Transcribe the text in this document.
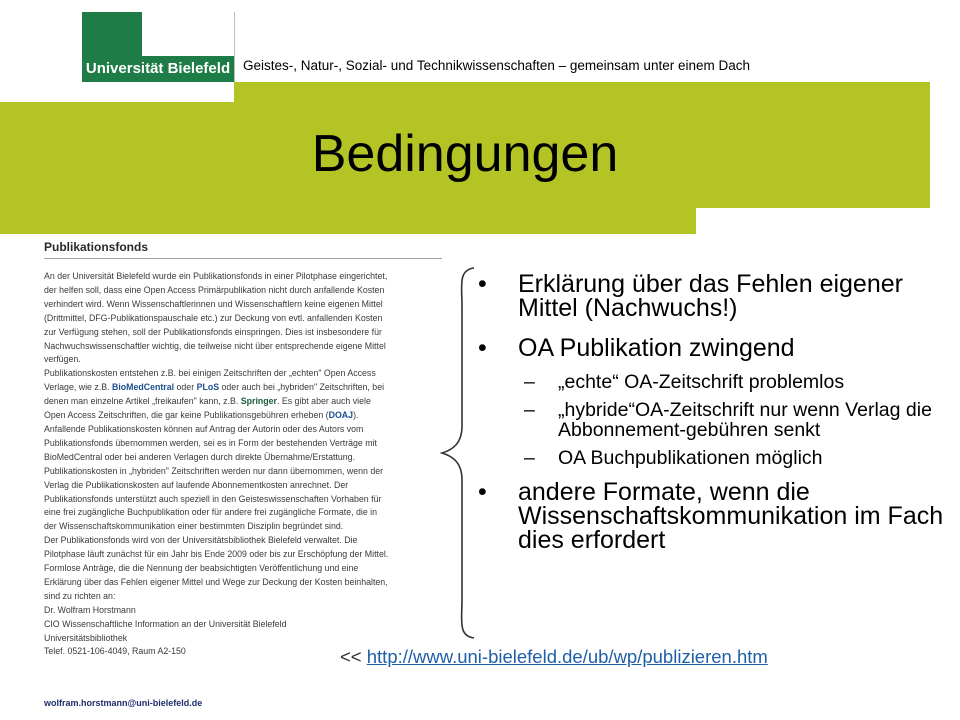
Universität Bielefeld Geistes-, Natur-, Sozial- und Technikwissenschaften – gemeinsam unter einem Dach
Bedingungen
Publikationsfonds
An der Universität Bielefeld wurde ein Publikationsfonds in einer Pilotphase eingerichtet,
der helfen soll, dass eine Open Access Primärpublikation nicht durch anfallende Kosten
verhindert wird. Wenn Wissenschaftlerinnen und Wissenschaftlern keine eigenen Mittel
(Drittmittel, DFG-Publikationspauschale etc.) zur Deckung von evtl. anfallenden Kosten
zur Verfügung stehen, soll der Publikationsfonds einspringen. Dies ist insbesondere für
Nachwuchswissenschaftler wichtig, die teilweise nicht über entsprechende eigene Mittel
verfügen.
Publikationskosten entstehen z.B. bei einigen Zeitschriften der „echten" Open Access
Verlage, wie z.B. BioMedCentral oder PLoS oder auch bei „hybriden" Zeitschriften, bei
denen man einzelne Artikel „freikaufen" kann, z.B. Springer. Es gibt aber auch viele
Open Access Zeitschriften, die gar keine Publikationsgebühren erheben (DOAJ).
Anfallende Publikationskosten können auf Antrag der Autorin oder des Autors vom
Publikationsfonds übernommen werden, sei es in Form der bestehenden Verträge mit
BioMedCentral oder bei anderen Verlagen durch direkte Übernahme/Erstattung.
Publikationskosten in „hybriden" Zeitschriften werden nur dann übernommen, wenn der
Verlag die Publikationskosten auf laufende Abonnementkosten anrechnet. Der
Publikationsfonds unterstützt auch speziell in den Geisteswissenschaften Vorhaben für
eine frei zugängliche Buchpublikation oder für andere frei zugängliche Formate, die in
der Wissenschaftskommunikation einer bestimmten Disziplin begründet sind.
Der Publikationsfonds wird von der Universitätsbibliothek Bielefeld verwaltet. Die
Pilotphase läuft zunächst für ein Jahr bis Ende 2009 oder bis zur Erschöpfung der Mittel.
Formlose Anträge, die die Nennung der beabsichtigten Veröffentlichung und eine
Erklärung über das Fehlen eigener Mittel und Wege zur Deckung der Kosten beinhalten,
sind zu richten an:
Dr. Wolfram Horstmann
CIO Wissenschaftliche Information an der Universität Bielefeld
Universitätsbibliothek
Telef. 0521-106-4049, Raum A2-150
wolfram.horstmann@uni-bielefeld.de
• Erklärung über das Fehlen eigener Mittel (Nachwuchs!)
• OA Publikation zwingend
– „echte“ OA-Zeitschrift problemlos
– „hybride“OA-Zeitschrift nur wenn Verlag die Abbonnement-gebühren senkt
– OA Buchpublikationen möglich
• andere Formate, wenn die Wissenschaftskommunikation im Fach dies erfordert
<< http://www.uni-bielefeld.de/ub/wp/publizieren.htm
